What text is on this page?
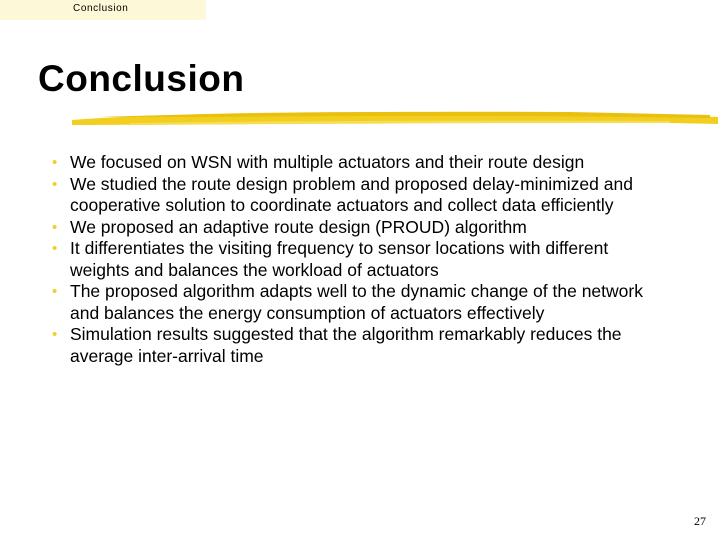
Conclusion
Conclusion
• We focused on WSN with multiple actuators and their route design
• We studied the route design problem and proposed delay-minimized and cooperative solution to coordinate actuators and collect data efficiently
• We proposed an adaptive route design (PROUD) algorithm
• It differentiates the visiting frequency to sensor locations with different weights and balances the workload of actuators
• The proposed algorithm adapts well to the dynamic change of the network and balances the energy consumption of actuators effectively
• Simulation results suggested that the algorithm remarkably reduces the average inter-arrival time
27
